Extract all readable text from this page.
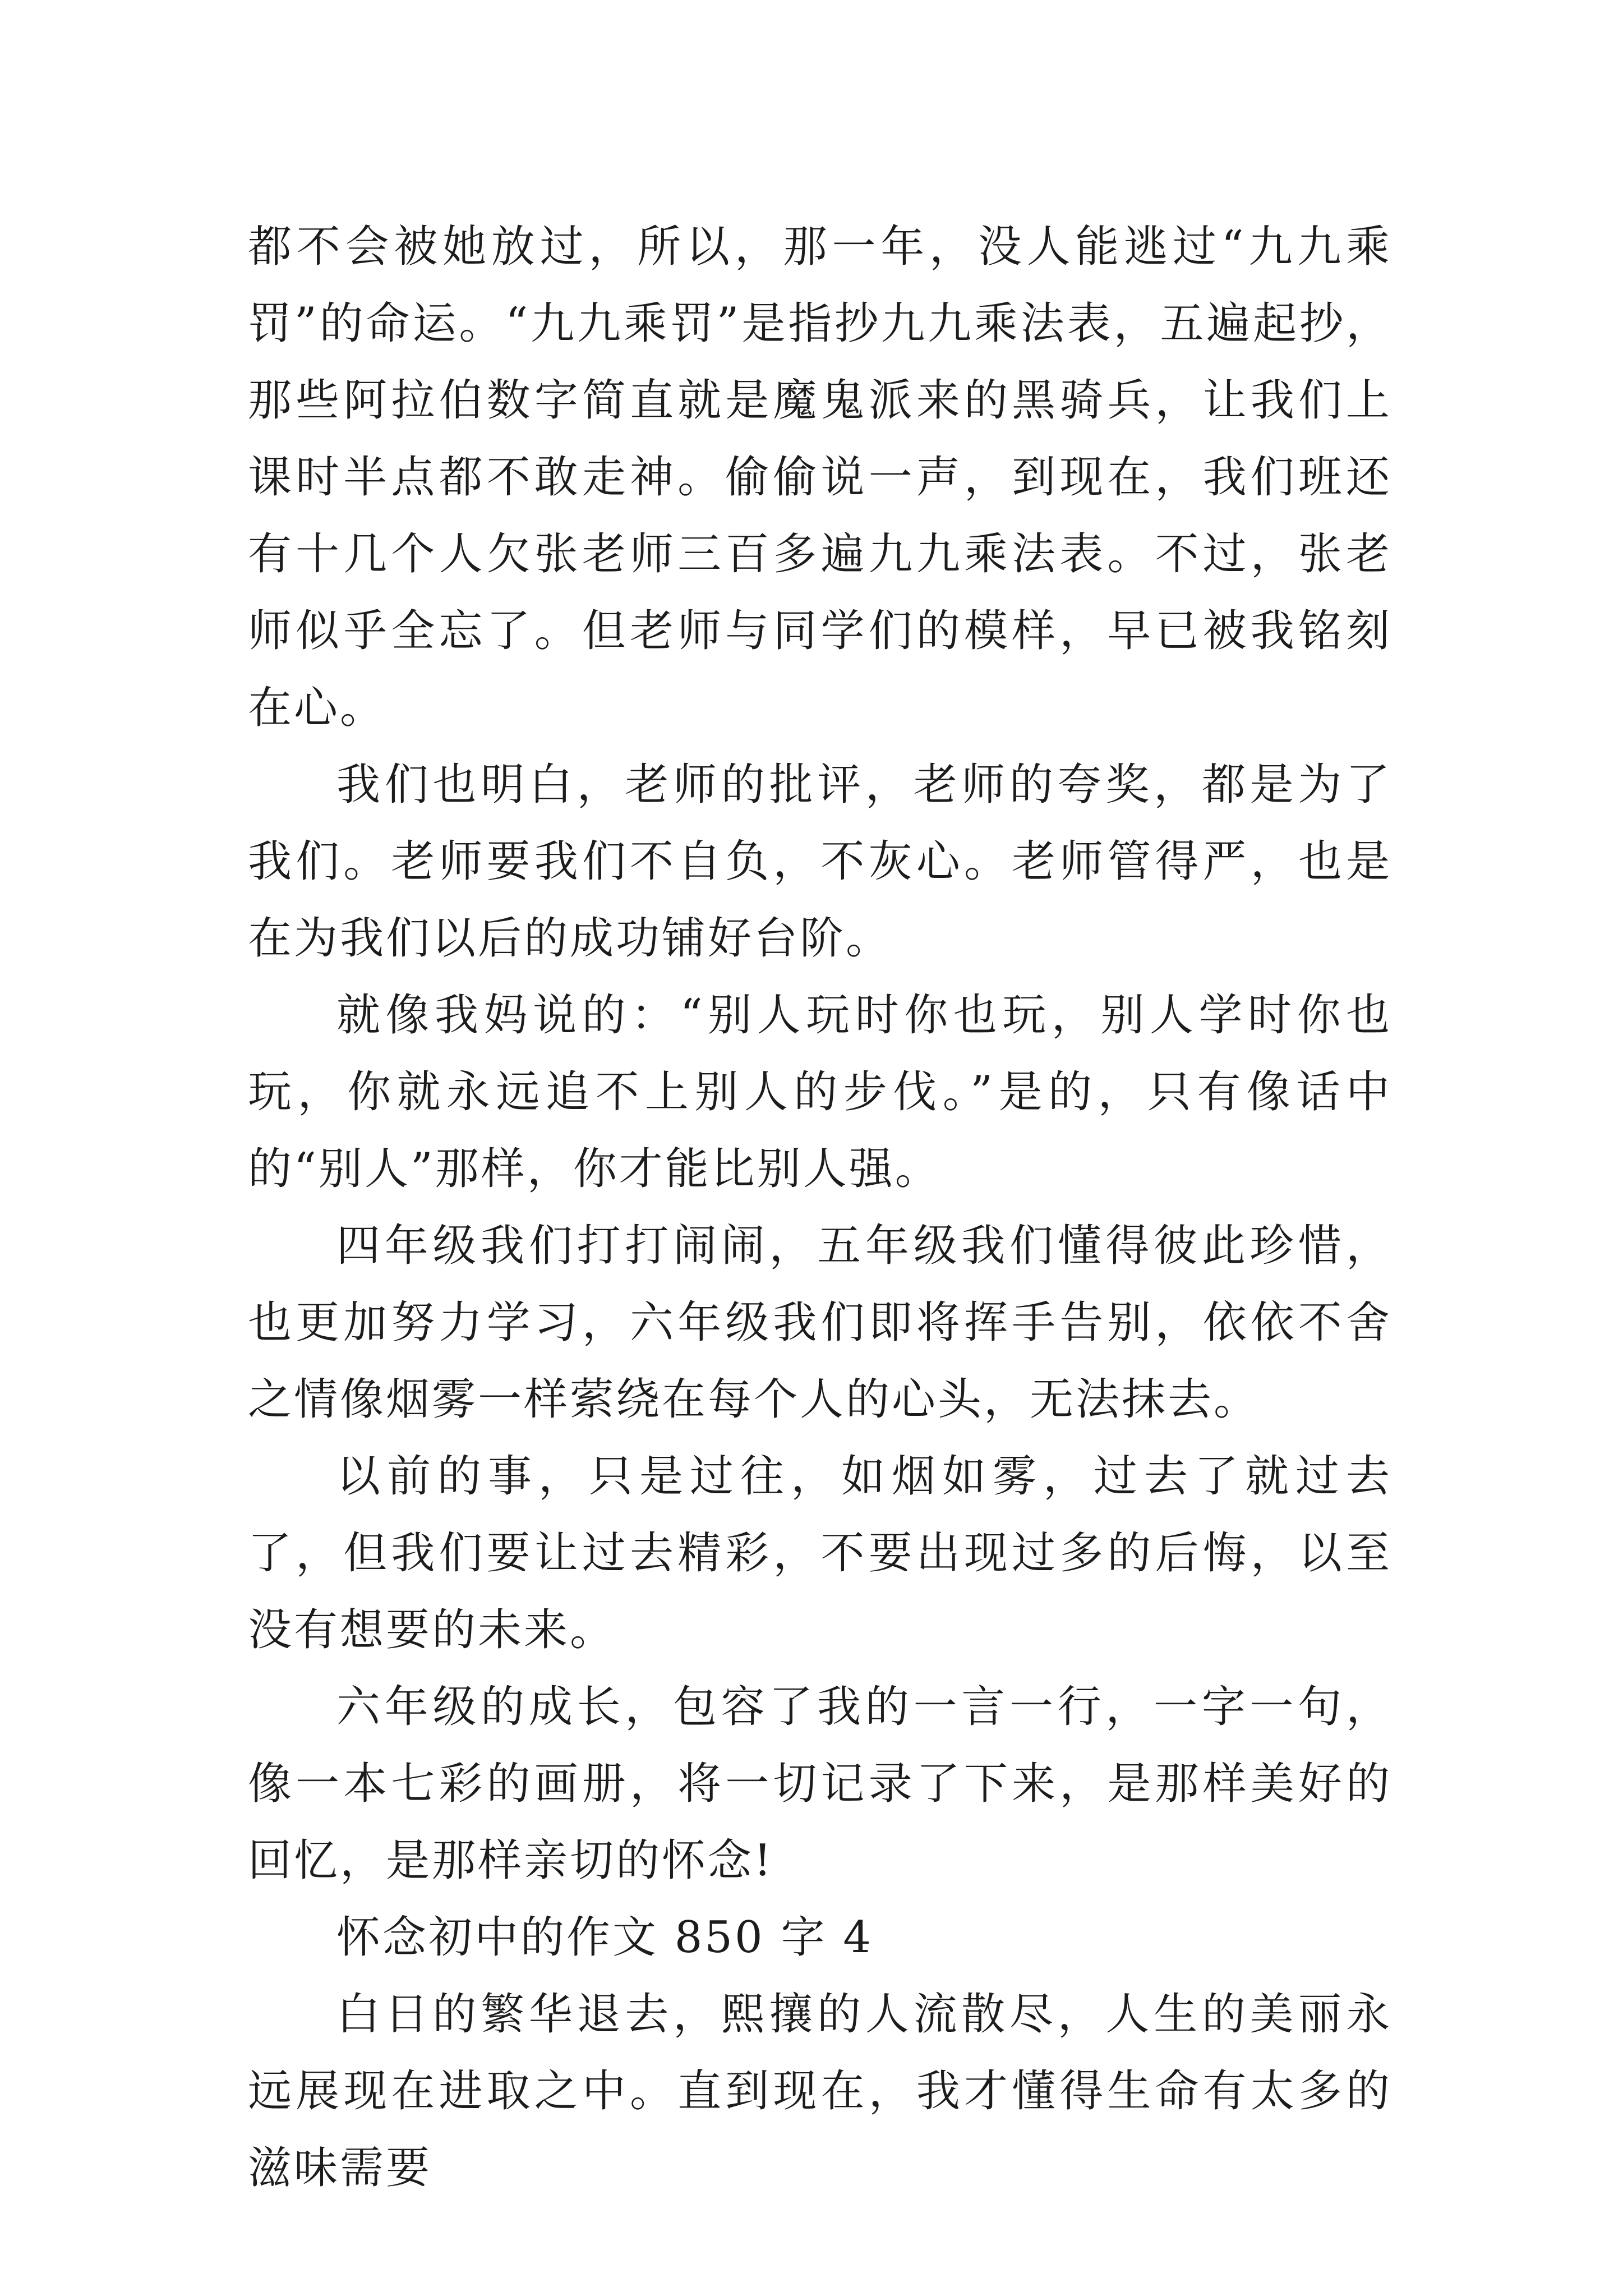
都不会被她放过，所以，那一年，没人能逃过“九九乘罚”的命运。“九九乘罚”是指抄九九乘法表，五遍起抄，那些阿拉伯数字简直就是魔鬼派来的黑骑兵，让我们上课时半点都不敢走神。偷偷说一声，到现在，我们班还有十几个人欠张老师三百多遍九九乘法表。不过，张老师似乎全忘了。但老师与同学们的模样，早已被我铭刻在心。

我们也明白，老师的批评，老师的夸奖，都是为了我们。老师要我们不自负，不灰心。老师管得严，也是在为我们以后的成功铺好台阶。

就像我妈说的：“别人玩时你也玩，别人学时你也玩，你就永远追不上别人的步伐。”是的，只有像话中的“别人”那样，你才能比别人强。

四年级我们打打闹闹，五年级我们懂得彼此珍惜，也更加努力学习，六年级我们即将挥手告别，依依不舍之情像烟雾一样萦绕在每个人的心头，无法抹去。

以前的事，只是过往，如烟如雾，过去了就过去了，但我们要让过去精彩，不要出现过多的后悔，以至没有想要的未来。

六年级的成长，包容了我的一言一行，一字一句，像一本七彩的画册，将一切记录了下来，是那样美好的回忆，是那样亲切的怀念!

怀念初中的作文 850 字 4

白日的繁华退去，熙攘的人流散尽，人生的美丽永远展现在进取之中。直到现在，我才懂得生命有太多的滋味需要
